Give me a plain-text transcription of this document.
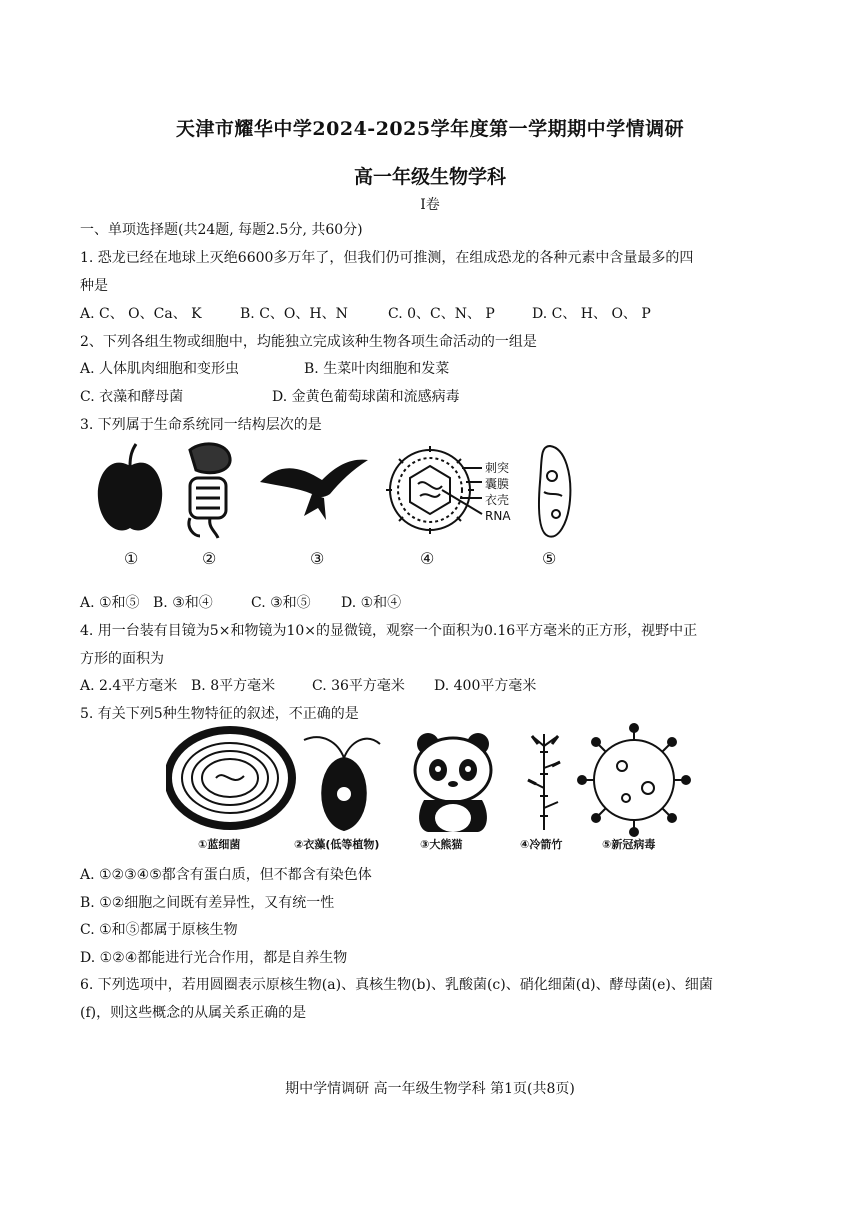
天津市耀华中学2024-2025学年度第一学期期中学情调研
高一年级生物学科
Ⅰ卷
一、单项选择题(共24题, 每题2.5分, 共60分)
1. 恐龙已经在地球上灭绝6600多万年了，但我们仍可推测，在组成恐龙的各种元素中含量最多的四
种是
A. C、 O、Ca、 K	B. C、O、H、N	C. 0、C、N、 P	D. C、 H、 O、 P
2、下列各组生物或细胞中，均能独立完成该种生物各项生命活动的一组是
A. 人体肌肉细胞和变形虫	B. 生菜叶肉细胞和发菜
C. 衣藻和酵母菌	D. 金黄色葡萄球菌和流感病毒
3. 下列属于生命系统同一结构层次的是
刺突
囊膜
衣壳
RNA
①	②	③	④	⑤
A. ①和⑤ B. ③和④	C. ③和⑤ D. ①和④
4. 用一台装有目镜为5×和物镜为10×的显微镜，观察一个面积为0.16平方毫米的正方形，视野中正
方形的面积为
A. 2.4平方毫米 B. 8平方毫米	C. 36平方毫米 D. 400平方毫米
5. 有关下列5种生物特征的叙述，不正确的是
①蓝细菌	②衣藻(低等植物)	③大熊猫	④冷箭竹	⑤新冠病毒
A. ①②③④⑤都含有蛋白质，但不都含有染色体
B. ①②细胞之间既有差异性，又有统一性
C. ①和⑤都属于原核生物
D. ①②④都能进行光合作用，都是自养生物
6. 下列选项中，若用圆圈表示原核生物(a)、真核生物(b)、乳酸菌(c)、硝化细菌(d)、酵母菌(e)、细菌
(f)，则这些概念的从属关系正确的是
期中学情调研 高一年级生物学科 第1页(共8页)
